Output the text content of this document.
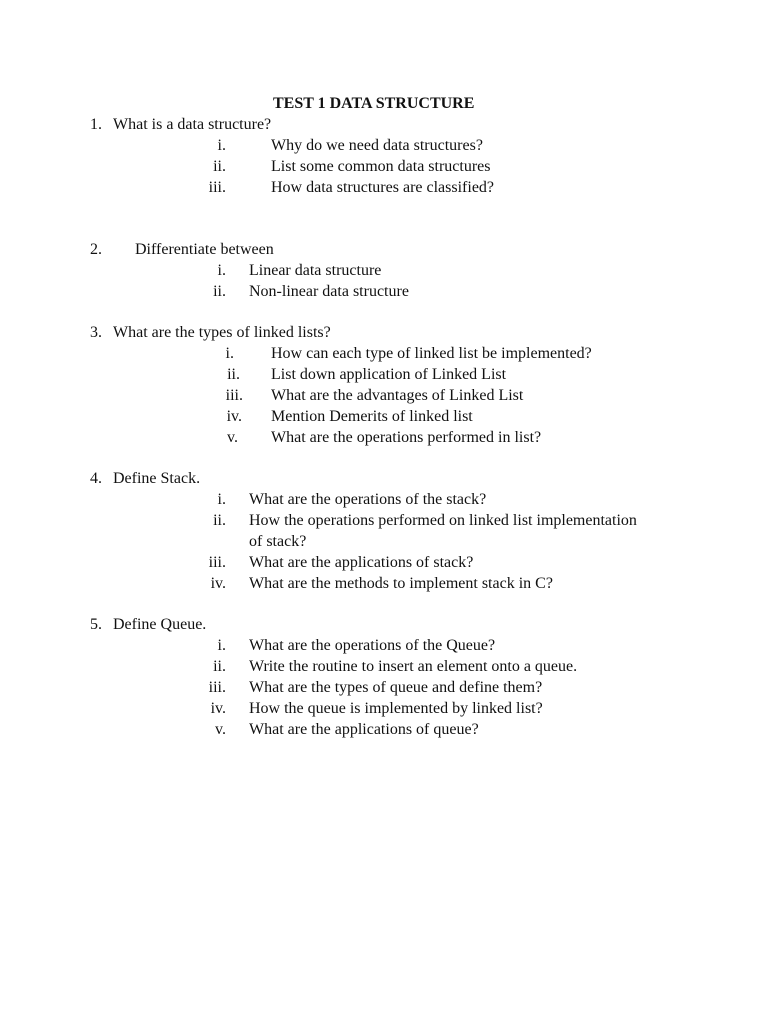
TEST 1 DATA STRUCTURE
1. What is a data structure?
i.	Why do we need data structures?
ii.	List some common data structures
iii.	How data structures are classified?
2. Differentiate between
i. Linear data structure
ii. Non-linear data structure
3. What are the types of linked lists?
i. How can each type of linked list be implemented?
ii. List down application of Linked List
iii. What are the advantages of Linked List
iv. Mention Demerits of linked list
v. What are the operations performed in list?
4. Define Stack.
i. What are the operations of the stack?
ii. How the operations performed on linked list implementation
of stack?
iii. What are the applications of stack?
iv. What are the methods to implement stack in C?
5. Define Queue.
i. What are the operations of the Queue?
ii. Write the routine to insert an element onto a queue.
iii. What are the types of queue and define them?
iv. How the queue is implemented by linked list?
v. What are the applications of queue?
